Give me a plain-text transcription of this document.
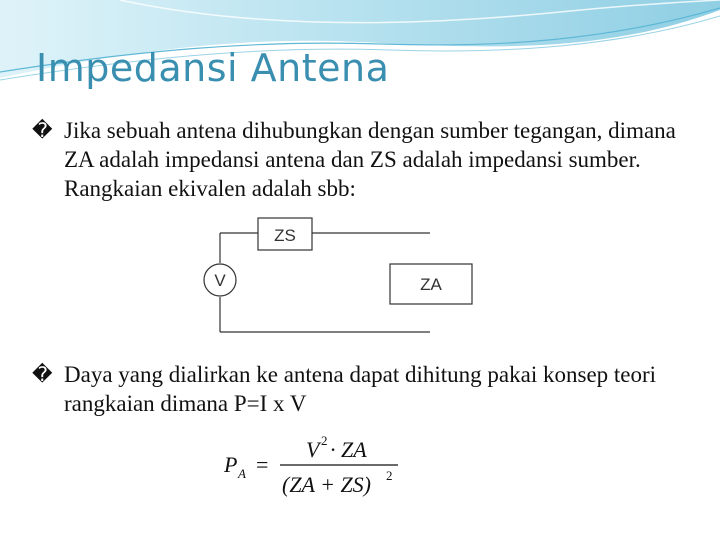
Impedansi Antena
� Jika sebuah antena dihubungkan dengan sumber tegangan, dimana ZA adalah impedansi antena dan ZS adalah impedansi sumber. Rangkaian ekivalen adalah sbb:
V
ZS
ZA
� Daya yang dialirkan ke antena dapat dihitung pakai konsep teori rangkaian dimana P=I x V
P A =
V 2 · ZA
(ZA + ZS) 2
